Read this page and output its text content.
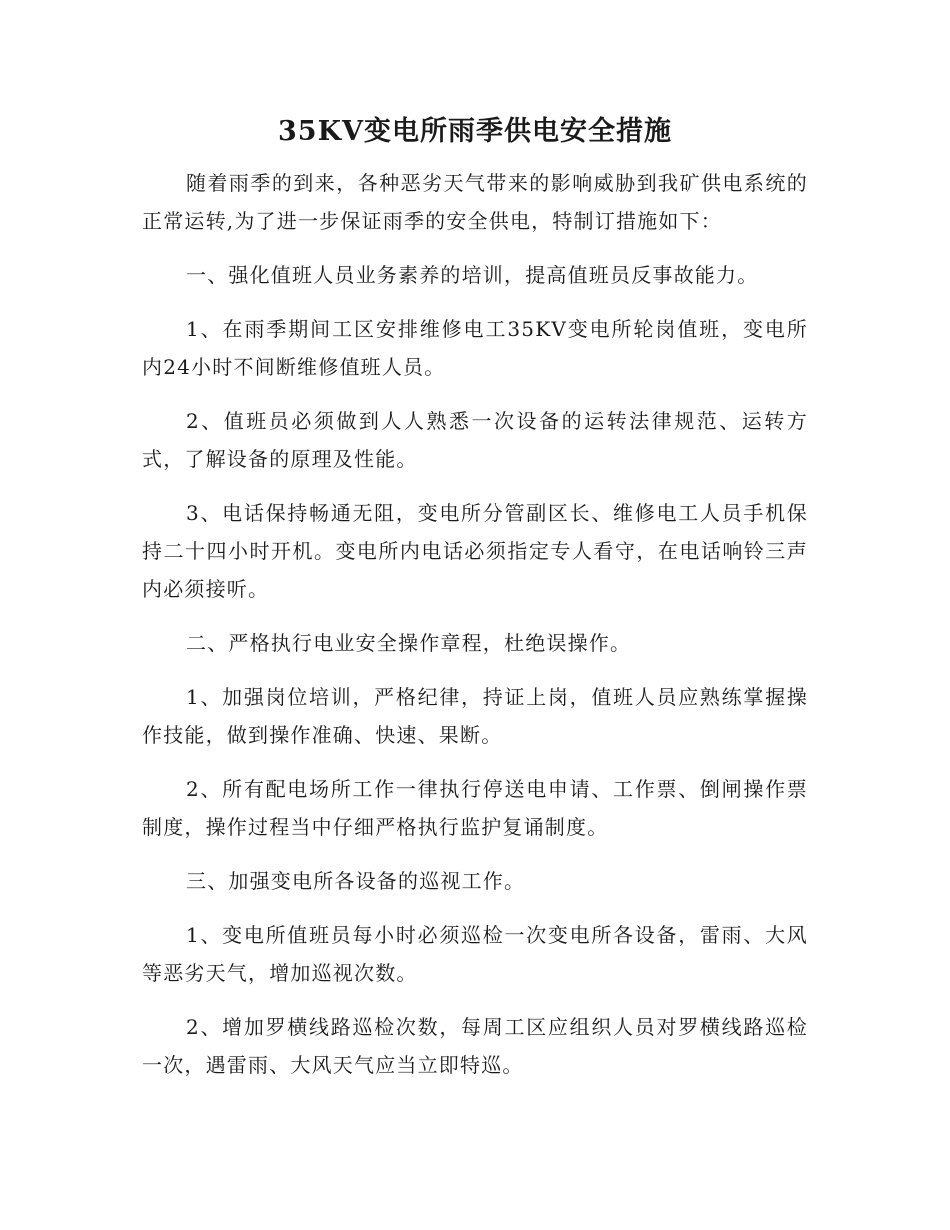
35KV变电所雨季供电安全措施

随着雨季的到来，各种恶劣天气带来的影响威胁到我矿供电系统的正常运转,为了进一步保证雨季的安全供电，特制订措施如下：

一、强化值班人员业务素养的培训，提高值班员反事故能力。

1、在雨季期间工区安排维修电工35KV变电所轮岗值班，变电所内24小时不间断维修值班人员。

2、值班员必须做到人人熟悉一次设备的运转法律规范、运转方式，了解设备的原理及性能。

3、电话保持畅通无阻，变电所分管副区长、维修电工人员手机保持二十四小时开机。变电所内电话必须指定专人看守，在电话响铃三声内必须接听。

二、严格执行电业安全操作章程，杜绝误操作。

1、加强岗位培训，严格纪律，持证上岗，值班人员应熟练掌握操作技能，做到操作准确、快速、果断。

2、所有配电场所工作一律执行停送电申请、工作票、倒闸操作票制度，操作过程当中仔细严格执行监护复诵制度。

三、加强变电所各设备的巡视工作。

1、变电所值班员每小时必须巡检一次变电所各设备，雷雨、大风等恶劣天气，增加巡视次数。

2、增加罗横线路巡检次数，每周工区应组织人员对罗横线路巡检一次，遇雷雨、大风天气应当立即特巡。
